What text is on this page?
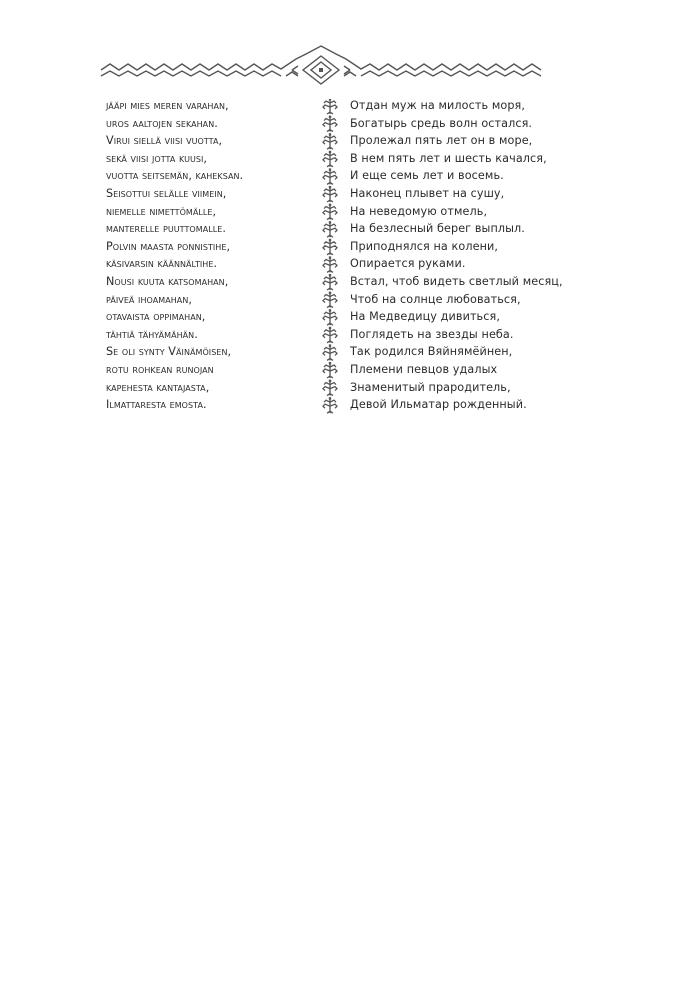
jääpi mies meren varahan,
uros aaltojen sekahan.
Virui siellä viisi vuotta,
sekä viisi jotta kuusi,
vuotta seitsemän, kaheksan.
Seisottui selälle viimein,
niemelle nimettömälle,
manterelle puuttomalle.
Polvin maasta ponnistihe,
käsivarsin käännältihe.
Nousi kuuta katsomahan,
päiveä ihoamahan,
otavaista oppimahan,
tähtiä tähyämähän.
Se oli synty Väinämöisen,
rotu rohkean runojan
kapehesta kantajasta,
Ilmattaresta emosta.
Отдан муж на милость моря,
Богатырь средь волн остался.
Пролежал пять лет он в море,
В нем пять лет и шесть качался,
И еще семь лет и восемь.
Наконец плывет на сушу,
На неведомую отмель,
На безлесный берег выплыл.
Приподнялся на колени,
Опирается руками.
Встал, чтоб видеть светлый месяц,
Чтоб на солнце любоваться,
На Медведицу дивиться,
Поглядеть на звезды неба.
Так родился Вяйнямёйнен,
Племени певцов удалых
Знаменитый прародитель,
Девой Ильматар рожденный.
